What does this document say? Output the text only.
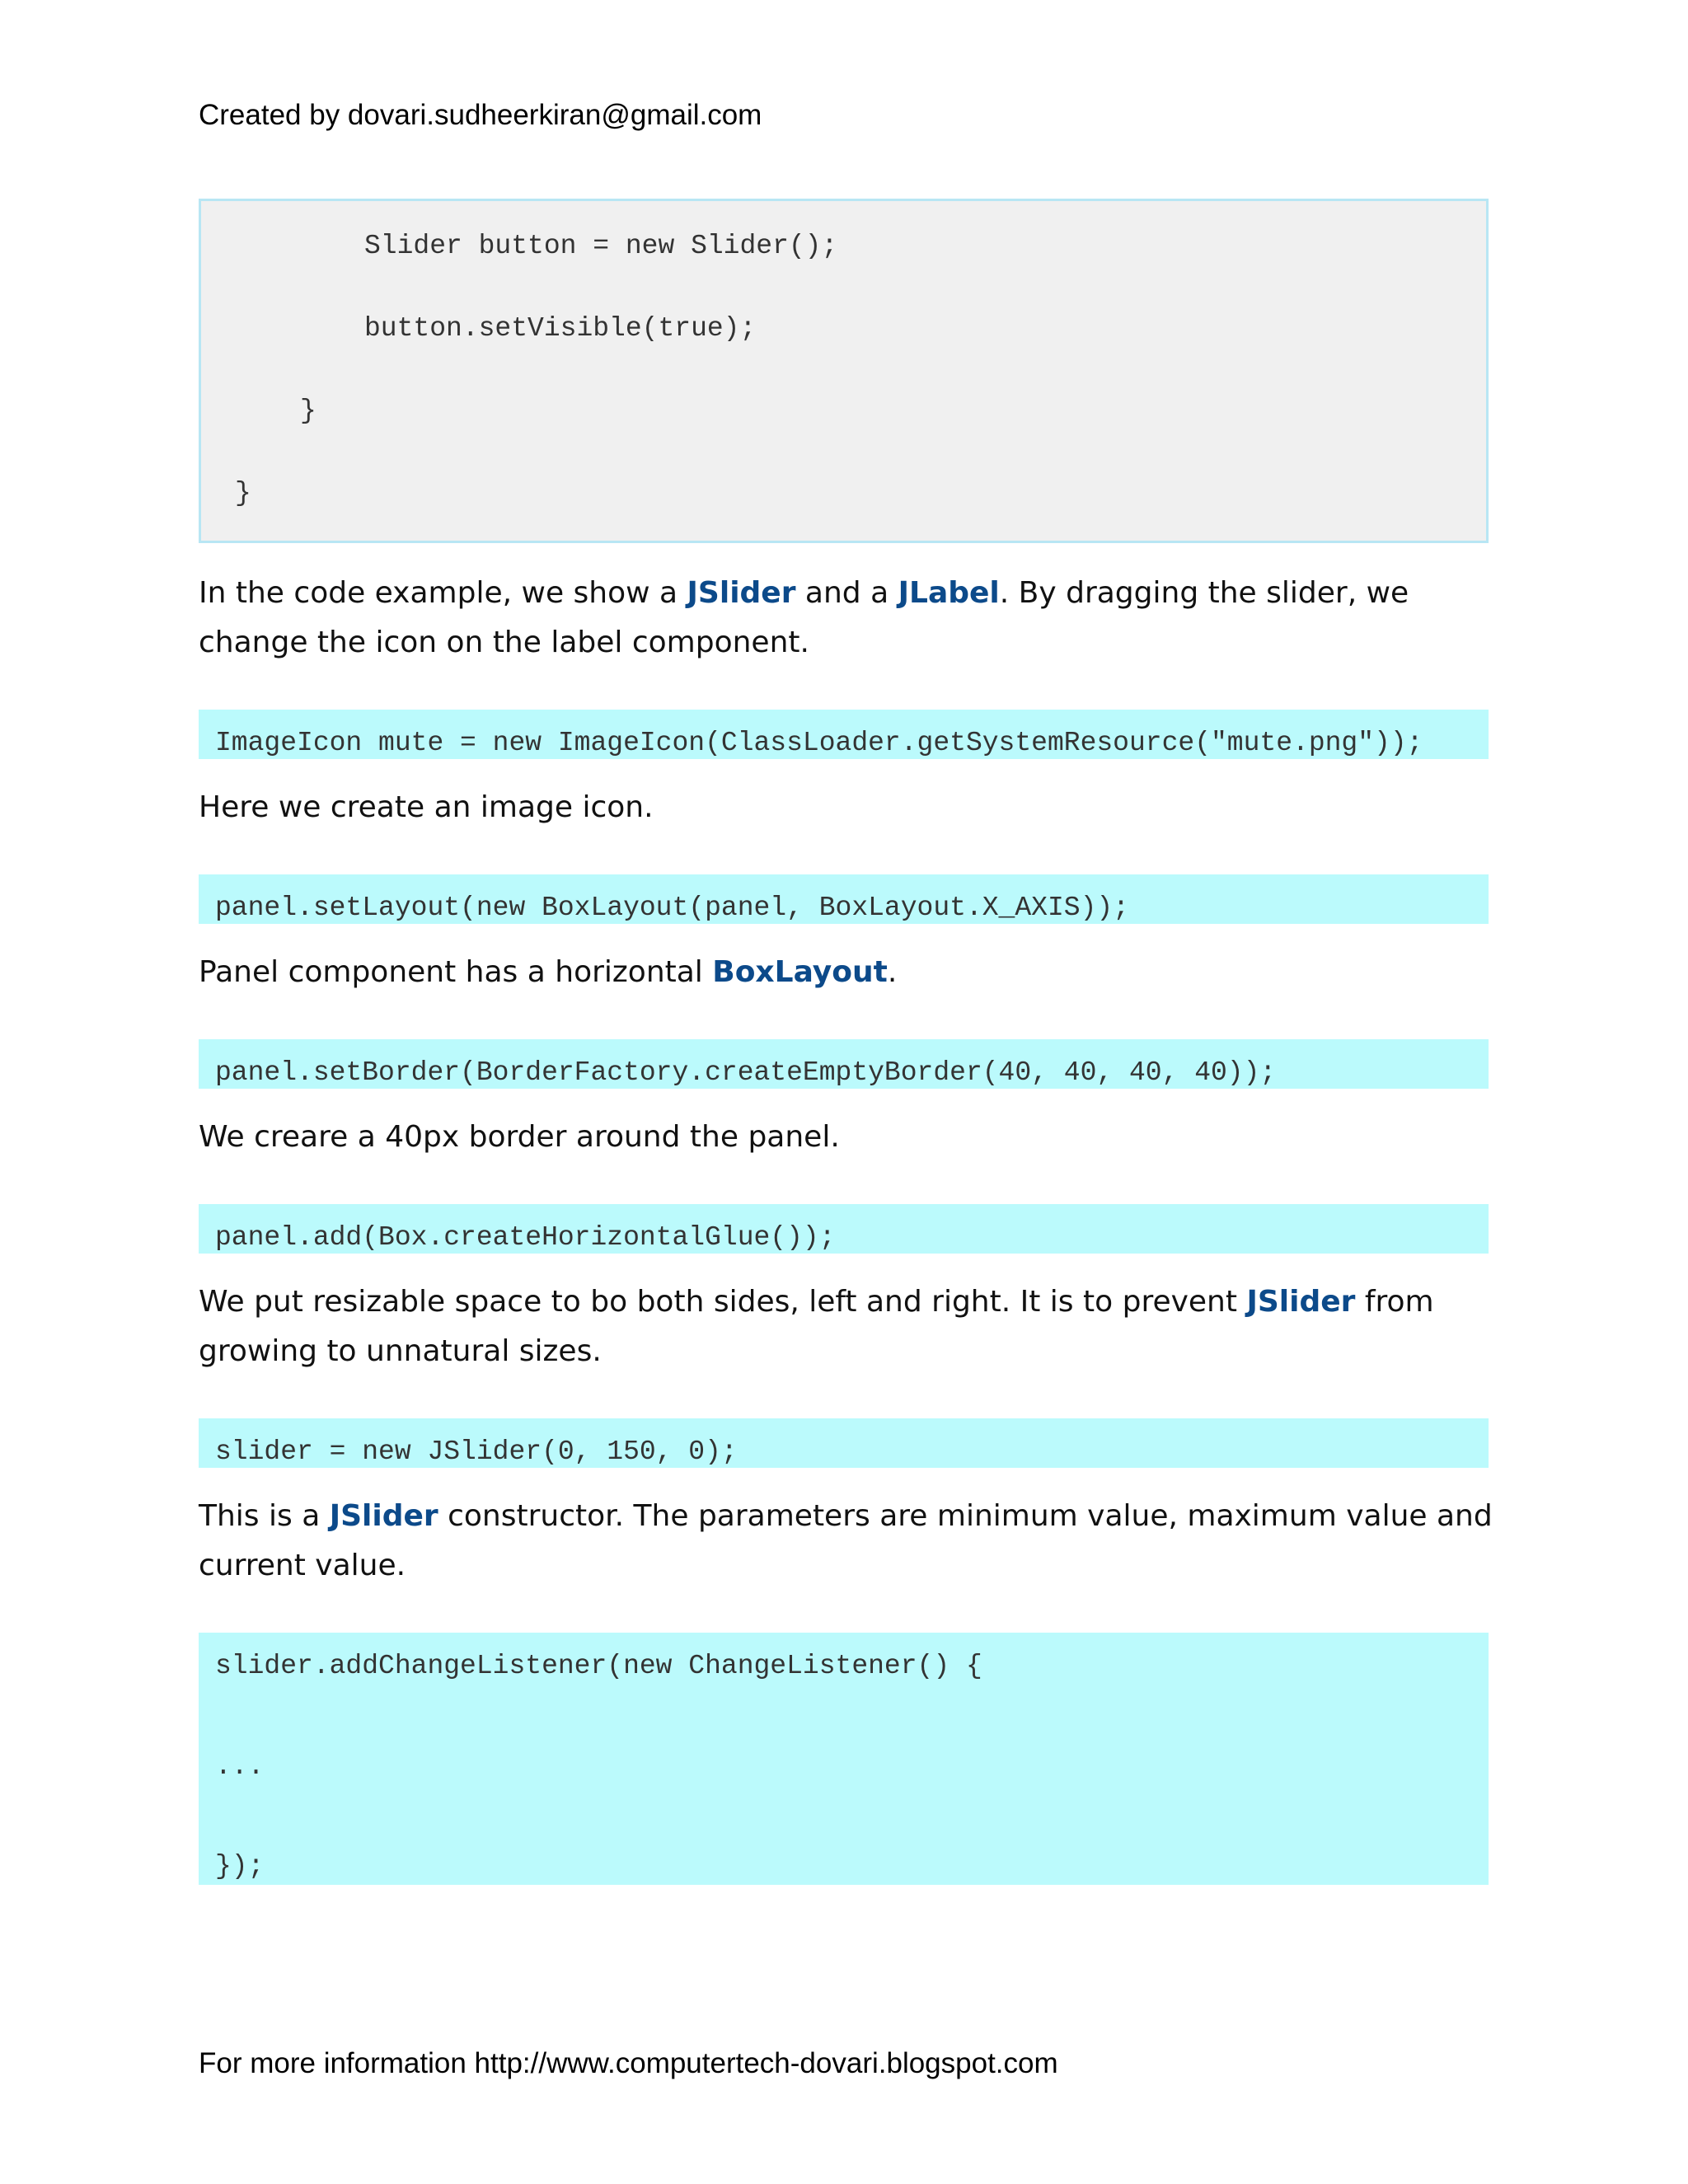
Created by dovari.sudheerkiran@gmail.com
Slider button = new Slider();
button.setVisible(true);
}
}
In the code example, we show a JSlider and a JLabel. By dragging the slider, we change the icon on the label component.
ImageIcon mute = new ImageIcon(ClassLoader.getSystemResource("mute.png"));
Here we create an image icon.
panel.setLayout(new BoxLayout(panel, BoxLayout.X_AXIS));
Panel component has a horizontal BoxLayout.
panel.setBorder(BorderFactory.createEmptyBorder(40, 40, 40, 40));
We creare a 40px border around the panel.
panel.add(Box.createHorizontalGlue());
We put resizable space to bo both sides, left and right. It is to prevent JSlider from growing to unnatural sizes.
slider = new JSlider(0, 150, 0);
This is a JSlider constructor. The parameters are minimum value, maximum value and current value.
slider.addChangeListener(new ChangeListener() {
...
});
For more information http://www.computertech-dovari.blogspot.com
